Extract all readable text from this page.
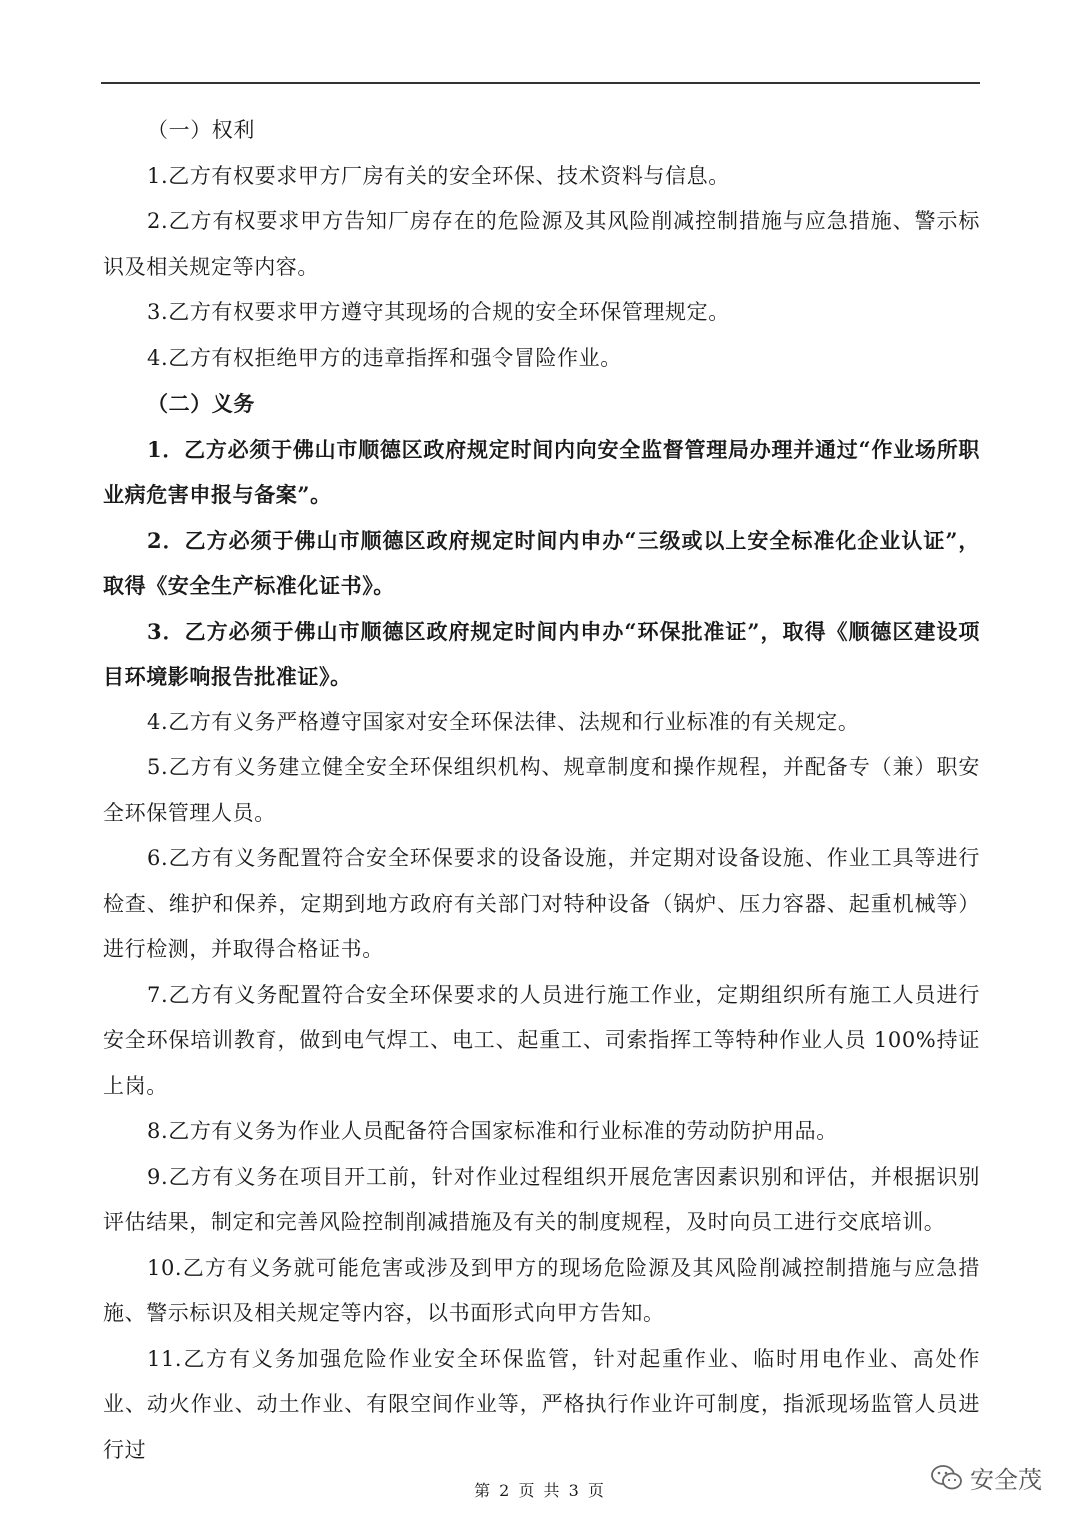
（一）权利

1.乙方有权要求甲方厂房有关的安全环保、技术资料与信息。

2.乙方有权要求甲方告知厂房存在的危险源及其风险削减控制措施与应急措施、警示标识及相关规定等内容。

3.乙方有权要求甲方遵守其现场的合规的安全环保管理规定。

4.乙方有权拒绝甲方的违章指挥和强令冒险作业。

（二）义务

1．乙方必须于佛山市顺德区政府规定时间内向安全监督管理局办理并通过“作业场所职业病危害申报与备案”。

2．乙方必须于佛山市顺德区政府规定时间内申办“三级或以上安全标准化企业认证”，取得《安全生产标准化证书》。

3．乙方必须于佛山市顺德区政府规定时间内申办“环保批准证”，取得《顺德区建设项目环境影响报告批准证》。

4.乙方有义务严格遵守国家对安全环保法律、法规和行业标准的有关规定。

5.乙方有义务建立健全安全环保组织机构、规章制度和操作规程，并配备专（兼）职安全环保管理人员。

6.乙方有义务配置符合安全环保要求的设备设施，并定期对设备设施、作业工具等进行检查、维护和保养，定期到地方政府有关部门对特种设备（锅炉、压力容器、起重机械等）进行检测，并取得合格证书。

7.乙方有义务配置符合安全环保要求的人员进行施工作业，定期组织所有施工人员进行安全环保培训教育，做到电气焊工、电工、起重工、司索指挥工等特种作业人员 100%持证上岗。

8.乙方有义务为作业人员配备符合国家标准和行业标准的劳动防护用品。

9.乙方有义务在项目开工前，针对作业过程组织开展危害因素识别和评估，并根据识别评估结果，制定和完善风险控制削减措施及有关的制度规程，及时向员工进行交底培训。

10.乙方有义务就可能危害或涉及到甲方的现场危险源及其风险削减控制措施与应急措施、警示标识及相关规定等内容，以书面形式向甲方告知。

11.乙方有义务加强危险作业安全环保监管，针对起重作业、临时用电作业、高处作业、动火作业、动土作业、有限空间作业等，严格执行作业许可制度，指派现场监管人员进行过

第 2 页 共 3 页	安全茂
